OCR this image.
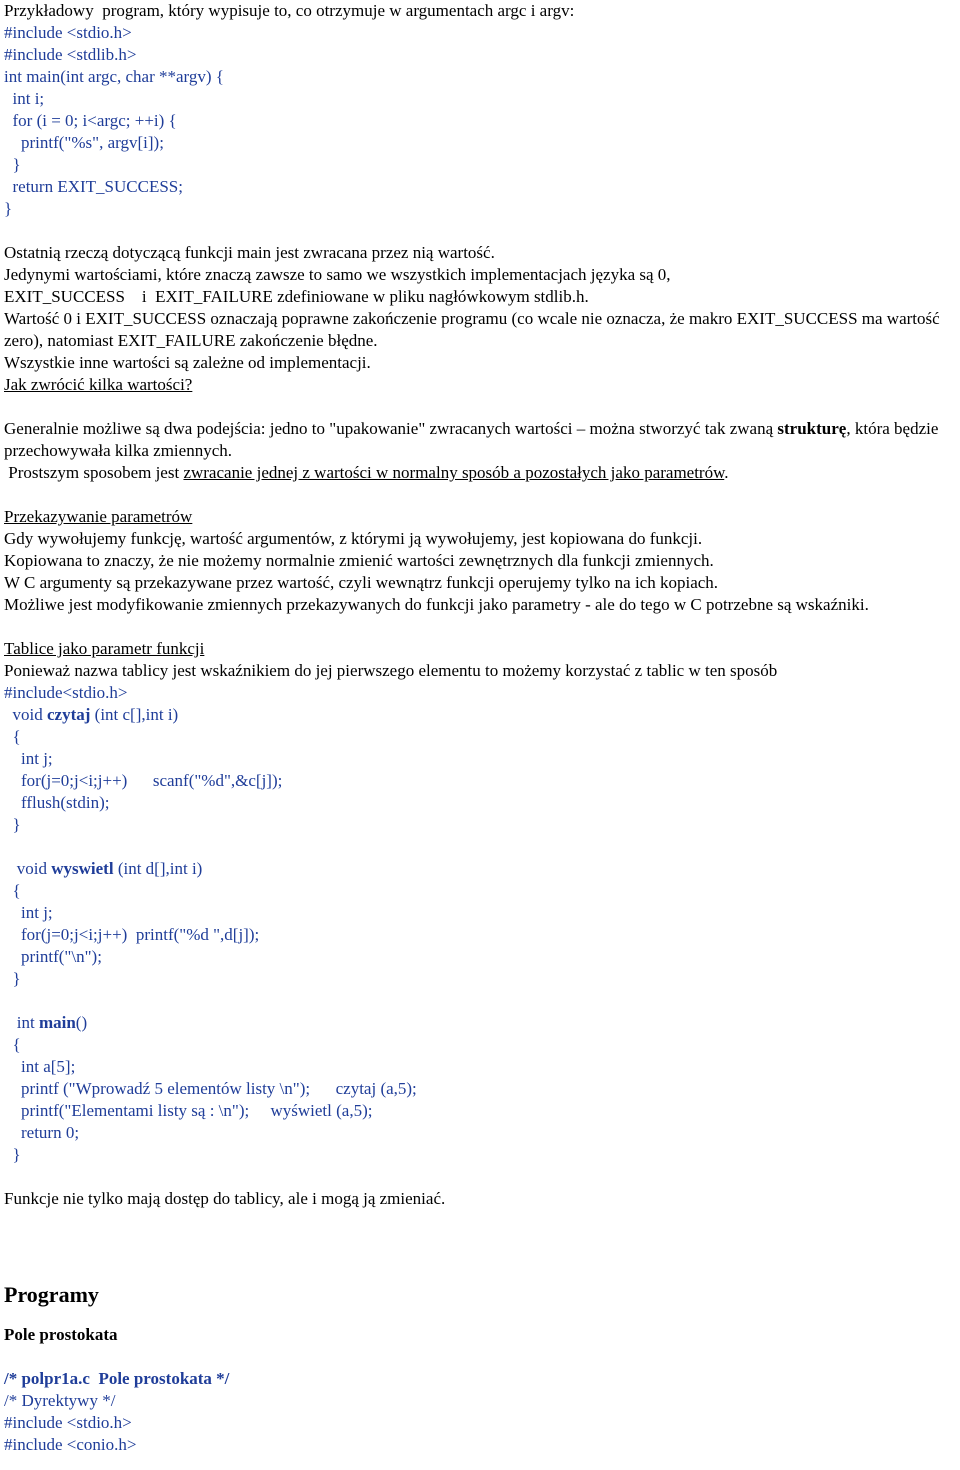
Przykładowy  program, który wypisuje to, co otrzymuje w argumentach argc i argv:

#include <stdio.h>

#include <stdlib.h>

int main(int argc, char **argv) {

int i;

for (i = 0; i<argc; ++i) {

printf("%s", argv[i]);

}

return EXIT_SUCCESS;

}

Ostatnią rzeczą dotyczącą funkcji main jest zwracana przez nią wartość.

Jedynymi wartościami, które znaczą zawsze to samo we wszystkich implementacjach języka są 0,

EXIT_SUCCESS    i  EXIT_FAILURE zdefiniowane w pliku nagłówkowym stdlib.h.

Wartość 0 i EXIT_SUCCESS oznaczają poprawne zakończenie programu (co wcale nie oznacza, że makro EXIT_SUCCESS ma wartość zero), natomiast EXIT_FAILURE zakończenie błędne.

Wszystkie inne wartości są zależne od implementacji.

Jak zwrócić kilka wartości?

Generalnie możliwe są dwa podejścia: jedno to "upakowanie" zwracanych wartości – można stworzyć tak zwaną strukturę, która będzie przechowywała kilka zmiennych.

Prostszym sposobem jest zwracanie jednej z wartości w normalny sposób a pozostałych jako parametrów.

Przekazywanie parametrów

Gdy wywołujemy funkcję, wartość argumentów, z którymi ją wywołujemy, jest kopiowana do funkcji.

Kopiowana to znaczy, że nie możemy normalnie zmienić wartości zewnętrznych dla funkcji zmiennych.

W C argumenty są przekazywane przez wartość, czyli wewnątrz funkcji operujemy tylko na ich kopiach.

Możliwe jest modyfikowanie zmiennych przekazywanych do funkcji jako parametry - ale do tego w C potrzebne są wskaźniki.

Tablice jako parametr funkcji

Ponieważ nazwa tablicy jest wskaźnikiem do jej pierwszego elementu to możemy korzystać z tablic w ten sposób

#include<stdio.h>

void czytaj (int c[],int i)

{

int j;

for(j=0;j<i;j++)      scanf("%d",&c[j]);

fflush(stdin);

}

void wyswietl (int d[],int i)

{

int j;

for(j=0;j<i;j++)  printf("%d ",d[j]);

printf("\n");

}

int main()

{

int a[5];

printf ("Wprowadź 5 elementów listy \n");      czytaj (a,5);

printf("Elementami listy są : \n");     wyświetl (a,5);

return 0;

}

Funkcje nie tylko mają dostęp do tablicy, ale i mogą ją zmieniać.

Programy

Pole prostokata

/* polpr1a.c  Pole prostokata */

/* Dyrektywy */

#include <stdio.h>

#include <conio.h>
